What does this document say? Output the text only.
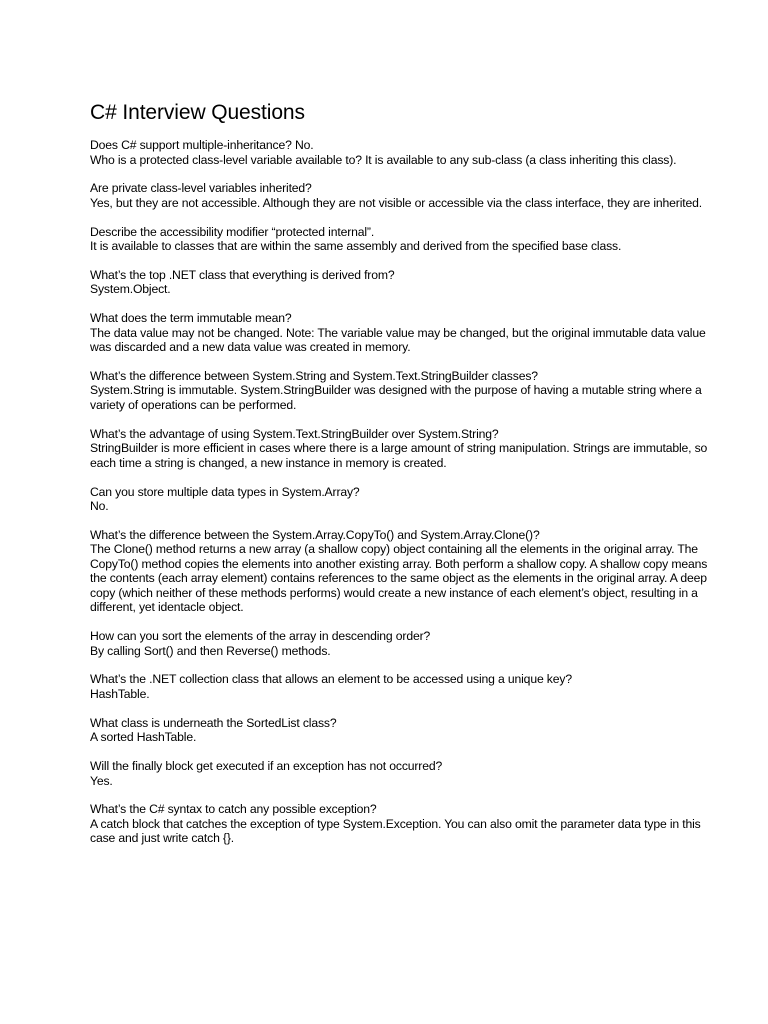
C# Interview Questions
Does C# support multiple-inheritance? No.
Who is a protected class-level variable available to? It is available to any sub-class (a class inheriting this class).
Are private class-level variables inherited?
Yes, but they are not accessible. Although they are not visible or accessible via the class interface, they are inherited.
Describe the accessibility modifier “protected internal”.
It is available to classes that are within the same assembly and derived from the specified base class.
What’s the top .NET class that everything is derived from?
System.Object.
What does the term immutable mean?
The data value may not be changed. Note: The variable value may be changed, but the original immutable data value was discarded and a new data value was created in memory.
What’s the difference between System.String and System.Text.StringBuilder classes?
System.String is immutable. System.StringBuilder was designed with the purpose of having a mutable string where a variety of operations can be performed.
What’s the advantage of using System.Text.StringBuilder over System.String?
StringBuilder is more efficient in cases where there is a large amount of string manipulation. Strings are immutable, so each time a string is changed, a new instance in memory is created.
Can you store multiple data types in System.Array?
No.
What’s the difference between the System.Array.CopyTo() and System.Array.Clone()?
The Clone() method returns a new array (a shallow copy) object containing all the elements in the original array. The CopyTo() method copies the elements into another existing array. Both perform a shallow copy. A shallow copy means the contents (each array element) contains references to the same object as the elements in the original array. A deep copy (which neither of these methods performs) would create a new instance of each element’s object, resulting in a different, yet identacle object.
How can you sort the elements of the array in descending order?
By calling Sort() and then Reverse() methods.
What’s the .NET collection class that allows an element to be accessed using a unique key?
HashTable.
What class is underneath the SortedList class?
A sorted HashTable.
Will the finally block get executed if an exception has not occurred?
Yes.
What’s the C# syntax to catch any possible exception?
A catch block that catches the exception of type System.Exception. You can also omit the parameter data type in this case and just write catch {}.
